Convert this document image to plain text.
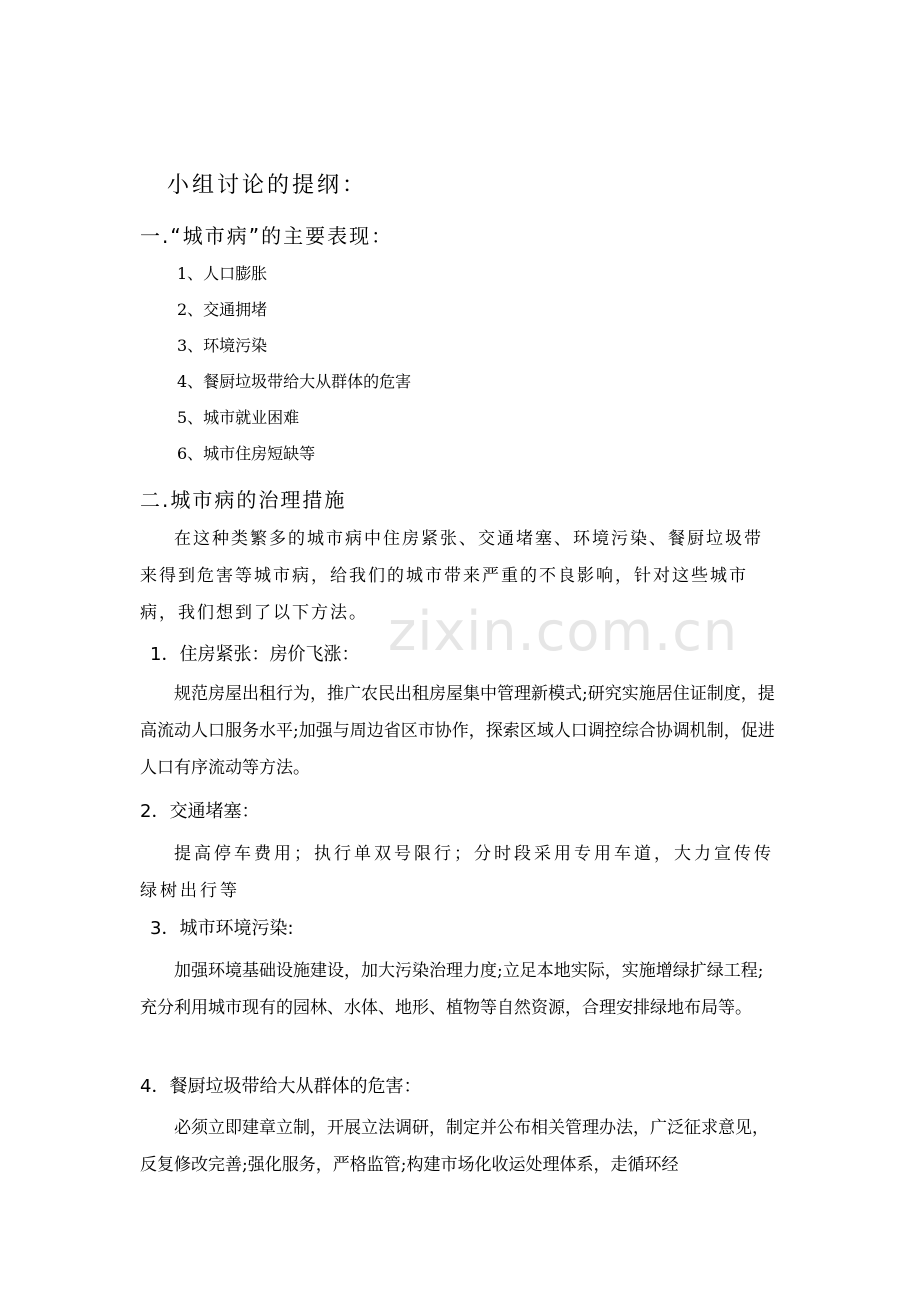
zixin.com.cn
小组讨论的提纲：
一.“城市病”的主要表现：
1、人口膨胀
2、交通拥堵
3、环境污染
4、餐厨垃圾带给大从群体的危害
5、城市就业困难
6、城市住房短缺等
二.城市病的治理措施

在这种类繁多的城市病中住房紧张、交通堵塞、环境污染、餐厨垃圾带来得到危害等城市病，给我们的城市带来严重的不良影响，针对这些城市病，我们想到了以下方法。

1．住房紧张：房价飞涨：

规范房屋出租行为，推广农民出租房屋集中管理新模式;研究实施居住证制度，提高流动人口服务水平;加强与周边省区市协作，探索区域人口调控综合协调机制，促进人口有序流动等方法。

2．交通堵塞：

提高停车费用；执行单双号限行；分时段采用专用车道，大力宣传传绿树出行等

3．城市环境污染:

加强环境基础设施建设，加大污染治理力度;立足本地实际，实施增绿扩绿工程;充分利用城市现有的园林、水体、地形、植物等自然资源，合理安排绿地布局等。

4．餐厨垃圾带给大从群体的危害：

必须立即建章立制，开展立法调研，制定并公布相关管理办法，广泛征求意见，反复修改完善;强化服务，严格监管;构建市场化收运处理体系，走循环经
